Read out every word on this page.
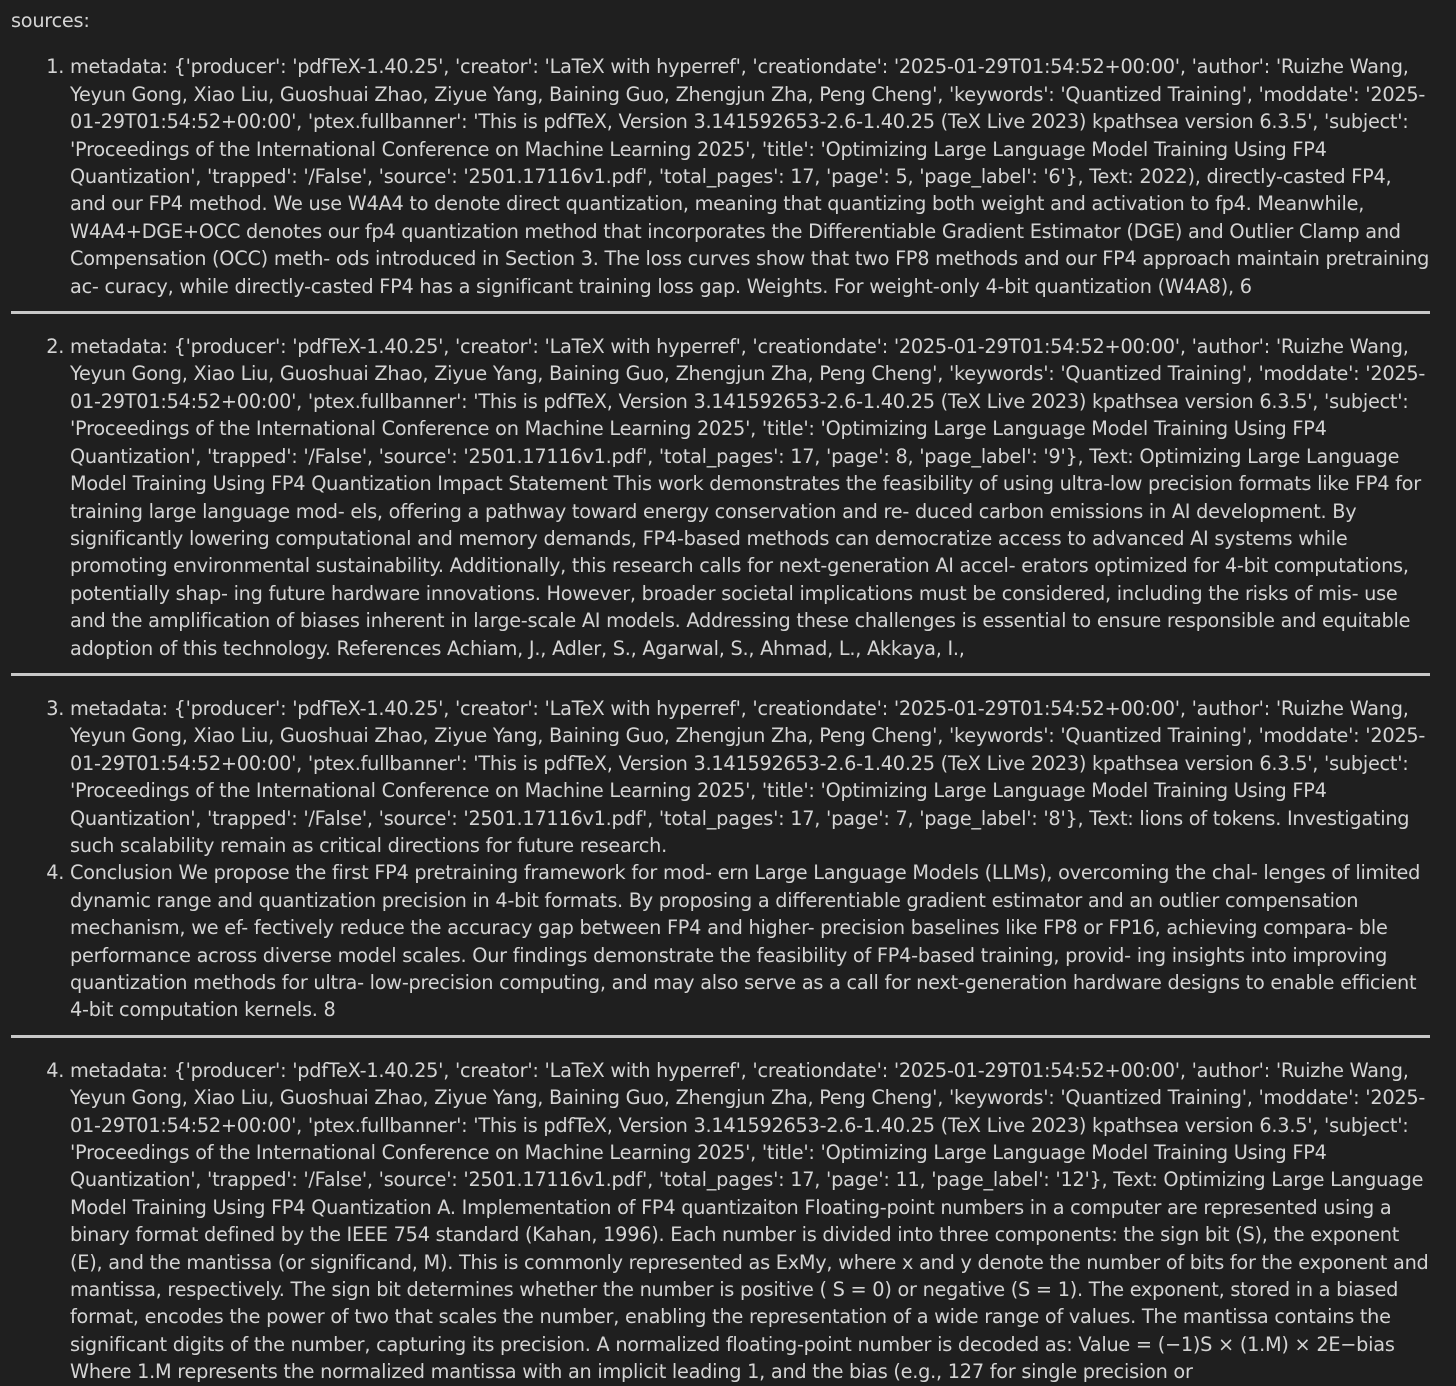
sources:
1. metadata: {'producer': 'pdfTeX-1.40.25', 'creator': 'LaTeX with hyperref', 'creationdate': '2025-01-29T01:54:52+00:00', 'author': 'Ruizhe Wang, Yeyun Gong, Xiao Liu, Guoshuai Zhao, Ziyue Yang, Baining Guo, Zhengjun Zha, Peng Cheng', 'keywords': 'Quantized Training', 'moddate': '2025-01-29T01:54:52+00:00', 'ptex.fullbanner': 'This is pdfTeX, Version 3.141592653-2.6-1.40.25 (TeX Live 2023) kpathsea version 6.3.5', 'subject': 'Proceedings of the International Conference on Machine Learning 2025', 'title': 'Optimizing Large Language Model Training Using FP4 Quantization', 'trapped': '/False', 'source': '2501.17116v1.pdf', 'total_pages': 17, 'page': 5, 'page_label': '6'}, Text: 2022), directly-casted FP4, and our FP4 method. We use W4A4 to denote direct quantization, meaning that quantizing both weight and activation to fp4. Meanwhile, W4A4+DGE+OCC denotes our fp4 quantization method that incorporates the Differentiable Gradient Estimator (DGE) and Outlier Clamp and Compensation (OCC) meth- ods introduced in Section 3. The loss curves show that two FP8 methods and our FP4 approach maintain pretraining ac- curacy, while directly-casted FP4 has a significant training loss gap. Weights. For weight-only 4-bit quantization (W4A8), 6
2. metadata: {'producer': 'pdfTeX-1.40.25', 'creator': 'LaTeX with hyperref', 'creationdate': '2025-01-29T01:54:52+00:00', 'author': 'Ruizhe Wang, Yeyun Gong, Xiao Liu, Guoshuai Zhao, Ziyue Yang, Baining Guo, Zhengjun Zha, Peng Cheng', 'keywords': 'Quantized Training', 'moddate': '2025-01-29T01:54:52+00:00', 'ptex.fullbanner': 'This is pdfTeX, Version 3.141592653-2.6-1.40.25 (TeX Live 2023) kpathsea version 6.3.5', 'subject': 'Proceedings of the International Conference on Machine Learning 2025', 'title': 'Optimizing Large Language Model Training Using FP4 Quantization', 'trapped': '/False', 'source': '2501.17116v1.pdf', 'total_pages': 17, 'page': 8, 'page_label': '9'}, Text: Optimizing Large Language Model Training Using FP4 Quantization Impact Statement This work demonstrates the feasibility of using ultra-low precision formats like FP4 for training large language mod- els, offering a pathway toward energy conservation and re- duced carbon emissions in AI development. By significantly lowering computational and memory demands, FP4-based methods can democratize access to advanced AI systems while promoting environmental sustainability. Additionally, this research calls for next-generation AI accel- erators optimized for 4-bit computations, potentially shap- ing future hardware innovations. However, broader societal implications must be considered, including the risks of mis- use and the amplification of biases inherent in large-scale AI models. Addressing these challenges is essential to ensure responsible and equitable adoption of this technology. References Achiam, J., Adler, S., Agarwal, S., Ahmad, L., Akkaya, I.,
3. metadata: {'producer': 'pdfTeX-1.40.25', 'creator': 'LaTeX with hyperref', 'creationdate': '2025-01-29T01:54:52+00:00', 'author': 'Ruizhe Wang, Yeyun Gong, Xiao Liu, Guoshuai Zhao, Ziyue Yang, Baining Guo, Zhengjun Zha, Peng Cheng', 'keywords': 'Quantized Training', 'moddate': '2025-01-29T01:54:52+00:00', 'ptex.fullbanner': 'This is pdfTeX, Version 3.141592653-2.6-1.40.25 (TeX Live 2023) kpathsea version 6.3.5', 'subject': 'Proceedings of the International Conference on Machine Learning 2025', 'title': 'Optimizing Large Language Model Training Using FP4 Quantization', 'trapped': '/False', 'source': '2501.17116v1.pdf', 'total_pages': 17, 'page': 7, 'page_label': '8'}, Text: lions of tokens. Investigating such scalability remain as critical directions for future research.
4. Conclusion We propose the first FP4 pretraining framework for mod- ern Large Language Models (LLMs), overcoming the chal- lenges of limited dynamic range and quantization precision in 4-bit formats. By proposing a differentiable gradient estimator and an outlier compensation mechanism, we ef- fectively reduce the accuracy gap between FP4 and higher- precision baselines like FP8 or FP16, achieving compara- ble performance across diverse model scales. Our findings demonstrate the feasibility of FP4-based training, provid- ing insights into improving quantization methods for ultra- low-precision computing, and may also serve as a call for next-generation hardware designs to enable efficient 4-bit computation kernels. 8
4. metadata: {'producer': 'pdfTeX-1.40.25', 'creator': 'LaTeX with hyperref', 'creationdate': '2025-01-29T01:54:52+00:00', 'author': 'Ruizhe Wang, Yeyun Gong, Xiao Liu, Guoshuai Zhao, Ziyue Yang, Baining Guo, Zhengjun Zha, Peng Cheng', 'keywords': 'Quantized Training', 'moddate': '2025-01-29T01:54:52+00:00', 'ptex.fullbanner': 'This is pdfTeX, Version 3.141592653-2.6-1.40.25 (TeX Live 2023) kpathsea version 6.3.5', 'subject': 'Proceedings of the International Conference on Machine Learning 2025', 'title': 'Optimizing Large Language Model Training Using FP4 Quantization', 'trapped': '/False', 'source': '2501.17116v1.pdf', 'total_pages': 17, 'page': 11, 'page_label': '12'}, Text: Optimizing Large Language Model Training Using FP4 Quantization A. Implementation of FP4 quantizaiton Floating-point numbers in a computer are represented using a binary format defined by the IEEE 754 standard (Kahan, 1996). Each number is divided into three components: the sign bit (S), the exponent (E), and the mantissa (or significand, M). This is commonly represented as ExMy, where x and y denote the number of bits for the exponent and mantissa, respectively. The sign bit determines whether the number is positive ( S = 0) or negative (S = 1). The exponent, stored in a biased format, encodes the power of two that scales the number, enabling the representation of a wide range of values. The mantissa contains the significant digits of the number, capturing its precision. A normalized floating-point number is decoded as: Value = (−1)S × (1.M) × 2E−bias Where 1.M represents the normalized mantissa with an implicit leading 1, and the bias (e.g., 127 for single precision or
